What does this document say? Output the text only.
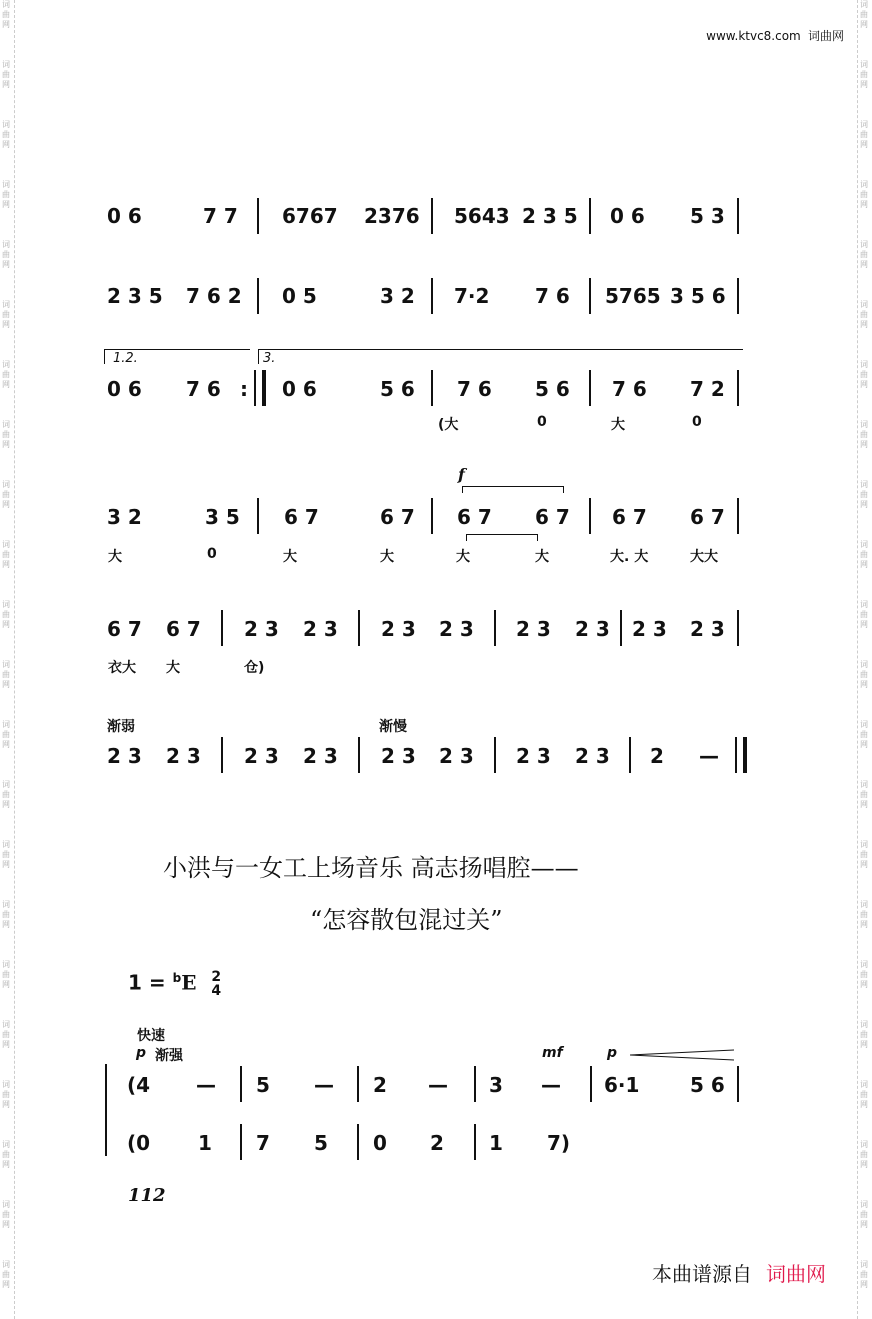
词曲网
词曲网
词曲网
词曲网
词曲网
词曲网
词曲网
词曲网
词曲网
词曲网
词曲网
词曲网
词曲网
词曲网
词曲网
词曲网
词曲网
词曲网
词曲网
词曲网
词曲网
词曲网
词曲网
词曲网
词曲网
词曲网
词曲网
词曲网
词曲网
词曲网
词曲网
词曲网
词曲网
词曲网
词曲网
词曲网
词曲网
词曲网
词曲网
词曲网
词曲网
词曲网
词曲网
词曲网
www.ktvc8.com 词曲网
0 6	7 7 6767 2376 5643 2 3 5 0 6 5 3
2 3 5 7 6 2 0 5	3 2 7·2 7 6 5765 3 5 6
1.2.	3.
0 6 7 6 : 0 6	5 6 7 6 5 6 7 6 7 2
(大	0	大	0
f
3 2	3 5 6 7	6 7 6 7 6 7 6 7 6 7
大	0	大	大	大	大	大. 大	大大
6 7 6 7 2 3 2 3 2 3 2 3 2 3 2 3 2 3 2 3
衣大 大	仓)
渐弱	渐慢
2 3 2 3 2 3 2 3 2 3 2 3 2 3 2 3 2 —
小洪与一女工上场音乐 高志扬唱腔——
“怎容散包混过关”
1 = $^b$E 2
4
快速
p 渐强	mf	p
(4 — 5 — 2 — 3 — 6·1	5 6
(0 1 7 5 0 2 1 7)
112
本曲谱源自 词曲网
